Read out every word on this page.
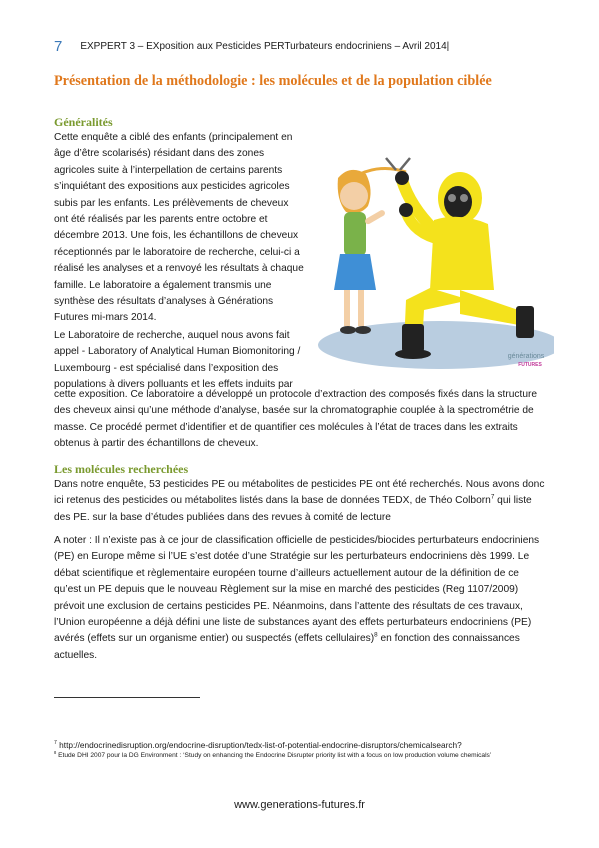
7 EXPPERT 3 – EXposition aux Pesticides PERTurbateurs endocriniens – Avril 2014|
Présentation de la méthodologie : les molécules et de la population ciblée
Généralités
Cette enquête a ciblé des enfants (principalement en âge d’être scolarisés) résidant dans des zones agricoles suite à l’interpellation de certains parents s’inquiétant des expositions aux pesticides agricoles subis par les enfants. Les prélèvements de cheveux ont été réalisés par les parents entre octobre et décembre 2013. Une fois, les échantillons de cheveux réceptionnés par le laboratoire de recherche, celui-ci a réalisé les analyses et a renvoyé les résultats à chaque famille. Le laboratoire a également transmis une synthèse des résultats d’analyses à Générations Futures mi-mars 2014.
Le Laboratoire de recherche, auquel nous avons fait appel - Laboratory of Analytical Human Biomonitoring / Luxembourg - est spécialisé dans l’exposition des populations à divers polluants et les effets induits par
cette exposition. Ce laboratoire a développé un protocole d’extraction des composés fixés dans la structure des cheveux ainsi qu’une méthode d’analyse, basée sur la chromatographie couplée à la spectrométrie de masse. Ce procédé permet d’identifier et de quantifier ces molécules à l’état de traces dans les extraits obtenus à partir des échantillons de cheveux.
générations
FUTURES
Les molécules recherchées
Dans notre enquête, 53 pesticides PE ou métabolites de pesticides PE ont été recherchés. Nous avons donc ici retenus des pesticides ou métabolites listés dans la base de données TEDX, de Théo Colborn$^7$ qui liste des PE. sur la base d’études publiées dans des revues à comité de lecture
A noter : Il n’existe pas à ce jour de classification officielle de pesticides/biocides perturbateurs endocriniens (PE) en Europe même si l’UE s’est dotée d’une Stratégie sur les perturbateurs endocriniens dès 1999. Le débat scientifique et règlementaire européen tourne d’ailleurs actuellement autour de la définition de ce qu’est un PE depuis que le nouveau Règlement sur la mise en marché des pesticides (Reg 1107/2009) prévoit une exclusion de certains pesticides PE. Néanmoins, dans l’attente des résultats de ces travaux, l’Union européenne a déjà défini une liste de substances ayant des effets perturbateurs endocriniens (PE) avérés (effets sur un organisme entier) ou suspectés (effets cellulaires)$^8$ en fonction des connaissances actuelles.
$^7$ http://endocrinedisruption.org/endocrine-disruption/tedx-list-of-potential-endocrine-disruptors/chemicalsearch?
$^8$ Etude DHI 2007 pour la DG Environment : ‘Study on enhancing the Endocrine Disrupter priority list with a focus on low production volume chemicals’
www.generations-futures.fr
